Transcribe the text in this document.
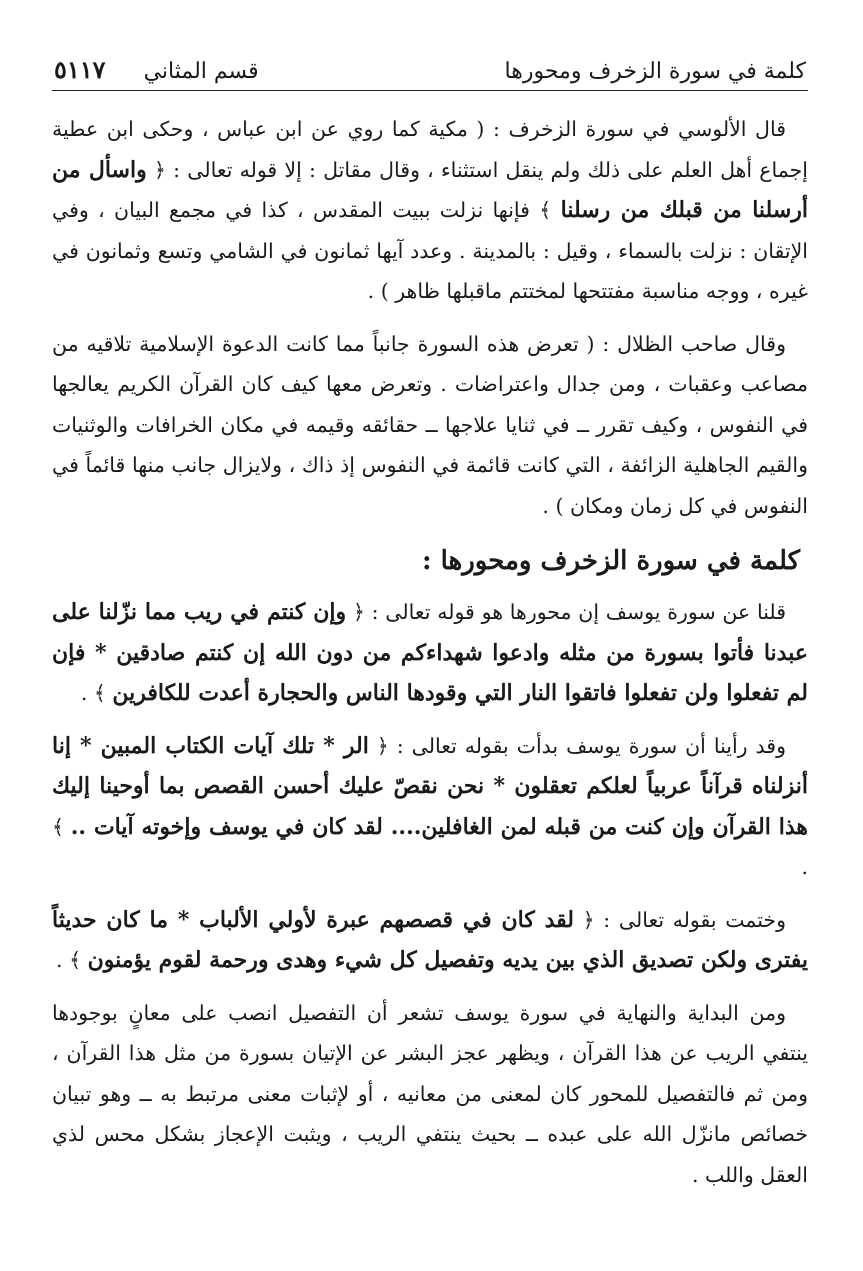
كلمة في سورة الزخرف ومحورها
قسم المثاني
٥١١٧

قال الألوسي في سورة الزخرف : ( مكية كما روي عن ابن عباس ، وحكى ابن عطية إجماع أهل العلم على ذلك ولم ينقل استثناء ، وقال مقاتل : إلا قوله تعالى : ﴿ واسأل من أرسلنا من قبلك من رسلنا ﴾ فإنها نزلت ببيت المقدس ، كذا في مجمع البيان ، وفي الإتقان : نزلت بالسماء ، وقيل : بالمدينة . وعدد آيها ثمانون في الشامي وتسع وثمانون في غيره ، ووجه مناسبة مفتتحها لمختتم ماقبلها ظاهر ) .

وقال صاحب الظلال : ( تعرض هذه السورة جانباً مما كانت الدعوة الإسلامية تلاقيه من مصاعب وعقبات ، ومن جدال واعتراضات . وتعرض معها كيف كان القرآن الكريم يعالجها في النفوس ، وكيف تقرر ــ في ثنايا علاجها ــ حقائقه وقيمه في مكان الخرافات والوثنيات والقيم الجاهلية الزائفة ، التي كانت قائمة في النفوس إذ ذاك ، ولايزال جانب منها قائماً في النفوس في كل زمان ومكان ) .

كلمة في سورة الزخرف ومحورها :

قلنا عن سورة يوسف إن محورها هو قوله تعالى : ﴿ وإن كنتم في ريب مما نزّلنا على عبدنا فأتوا بسورة من مثله وادعوا شهداءكم من دون الله إن كنتم صادقين * فإن لم تفعلوا ولن تفعلوا فاتقوا النار التي وقودها الناس والحجارة أعدت للكافرين ﴾ .

وقد رأينا أن سورة يوسف بدأت بقوله تعالى : ﴿ الر * تلك آيات الكتاب المبين * إنا أنزلناه قرآناً عربياً لعلكم تعقلون * نحن نقصّ عليك أحسن القصص بما أوحينا إليك هذا القرآن وإن كنت من قبله لمن الغافلين.... لقد كان في يوسف وإخوته آيات .. ﴾ .

وختمت بقوله تعالى : ﴿ لقد كان في قصصهم عبرة لأولي الألباب * ما كان حديثاً يفترى ولكن تصديق الذي بين يديه وتفصيل كل شيء وهدى ورحمة لقوم يؤمنون ﴾ .

ومن البداية والنهاية في سورة يوسف تشعر أن التفصيل انصب على معانٍ بوجودها ينتفي الريب عن هذا القرآن ، ويظهر عجز البشر عن الإتيان بسورة من مثل هذا القرآن ، ومن ثم فالتفصيل للمحور كان لمعنى من معانيه ، أو لإثبات معنى مرتبط به ــ وهو تبيان خصائص مانزّل الله على عبده ــ بحيث ينتفي الريب ، ويثبت الإعجاز بشكل محس لذي العقل واللب .
